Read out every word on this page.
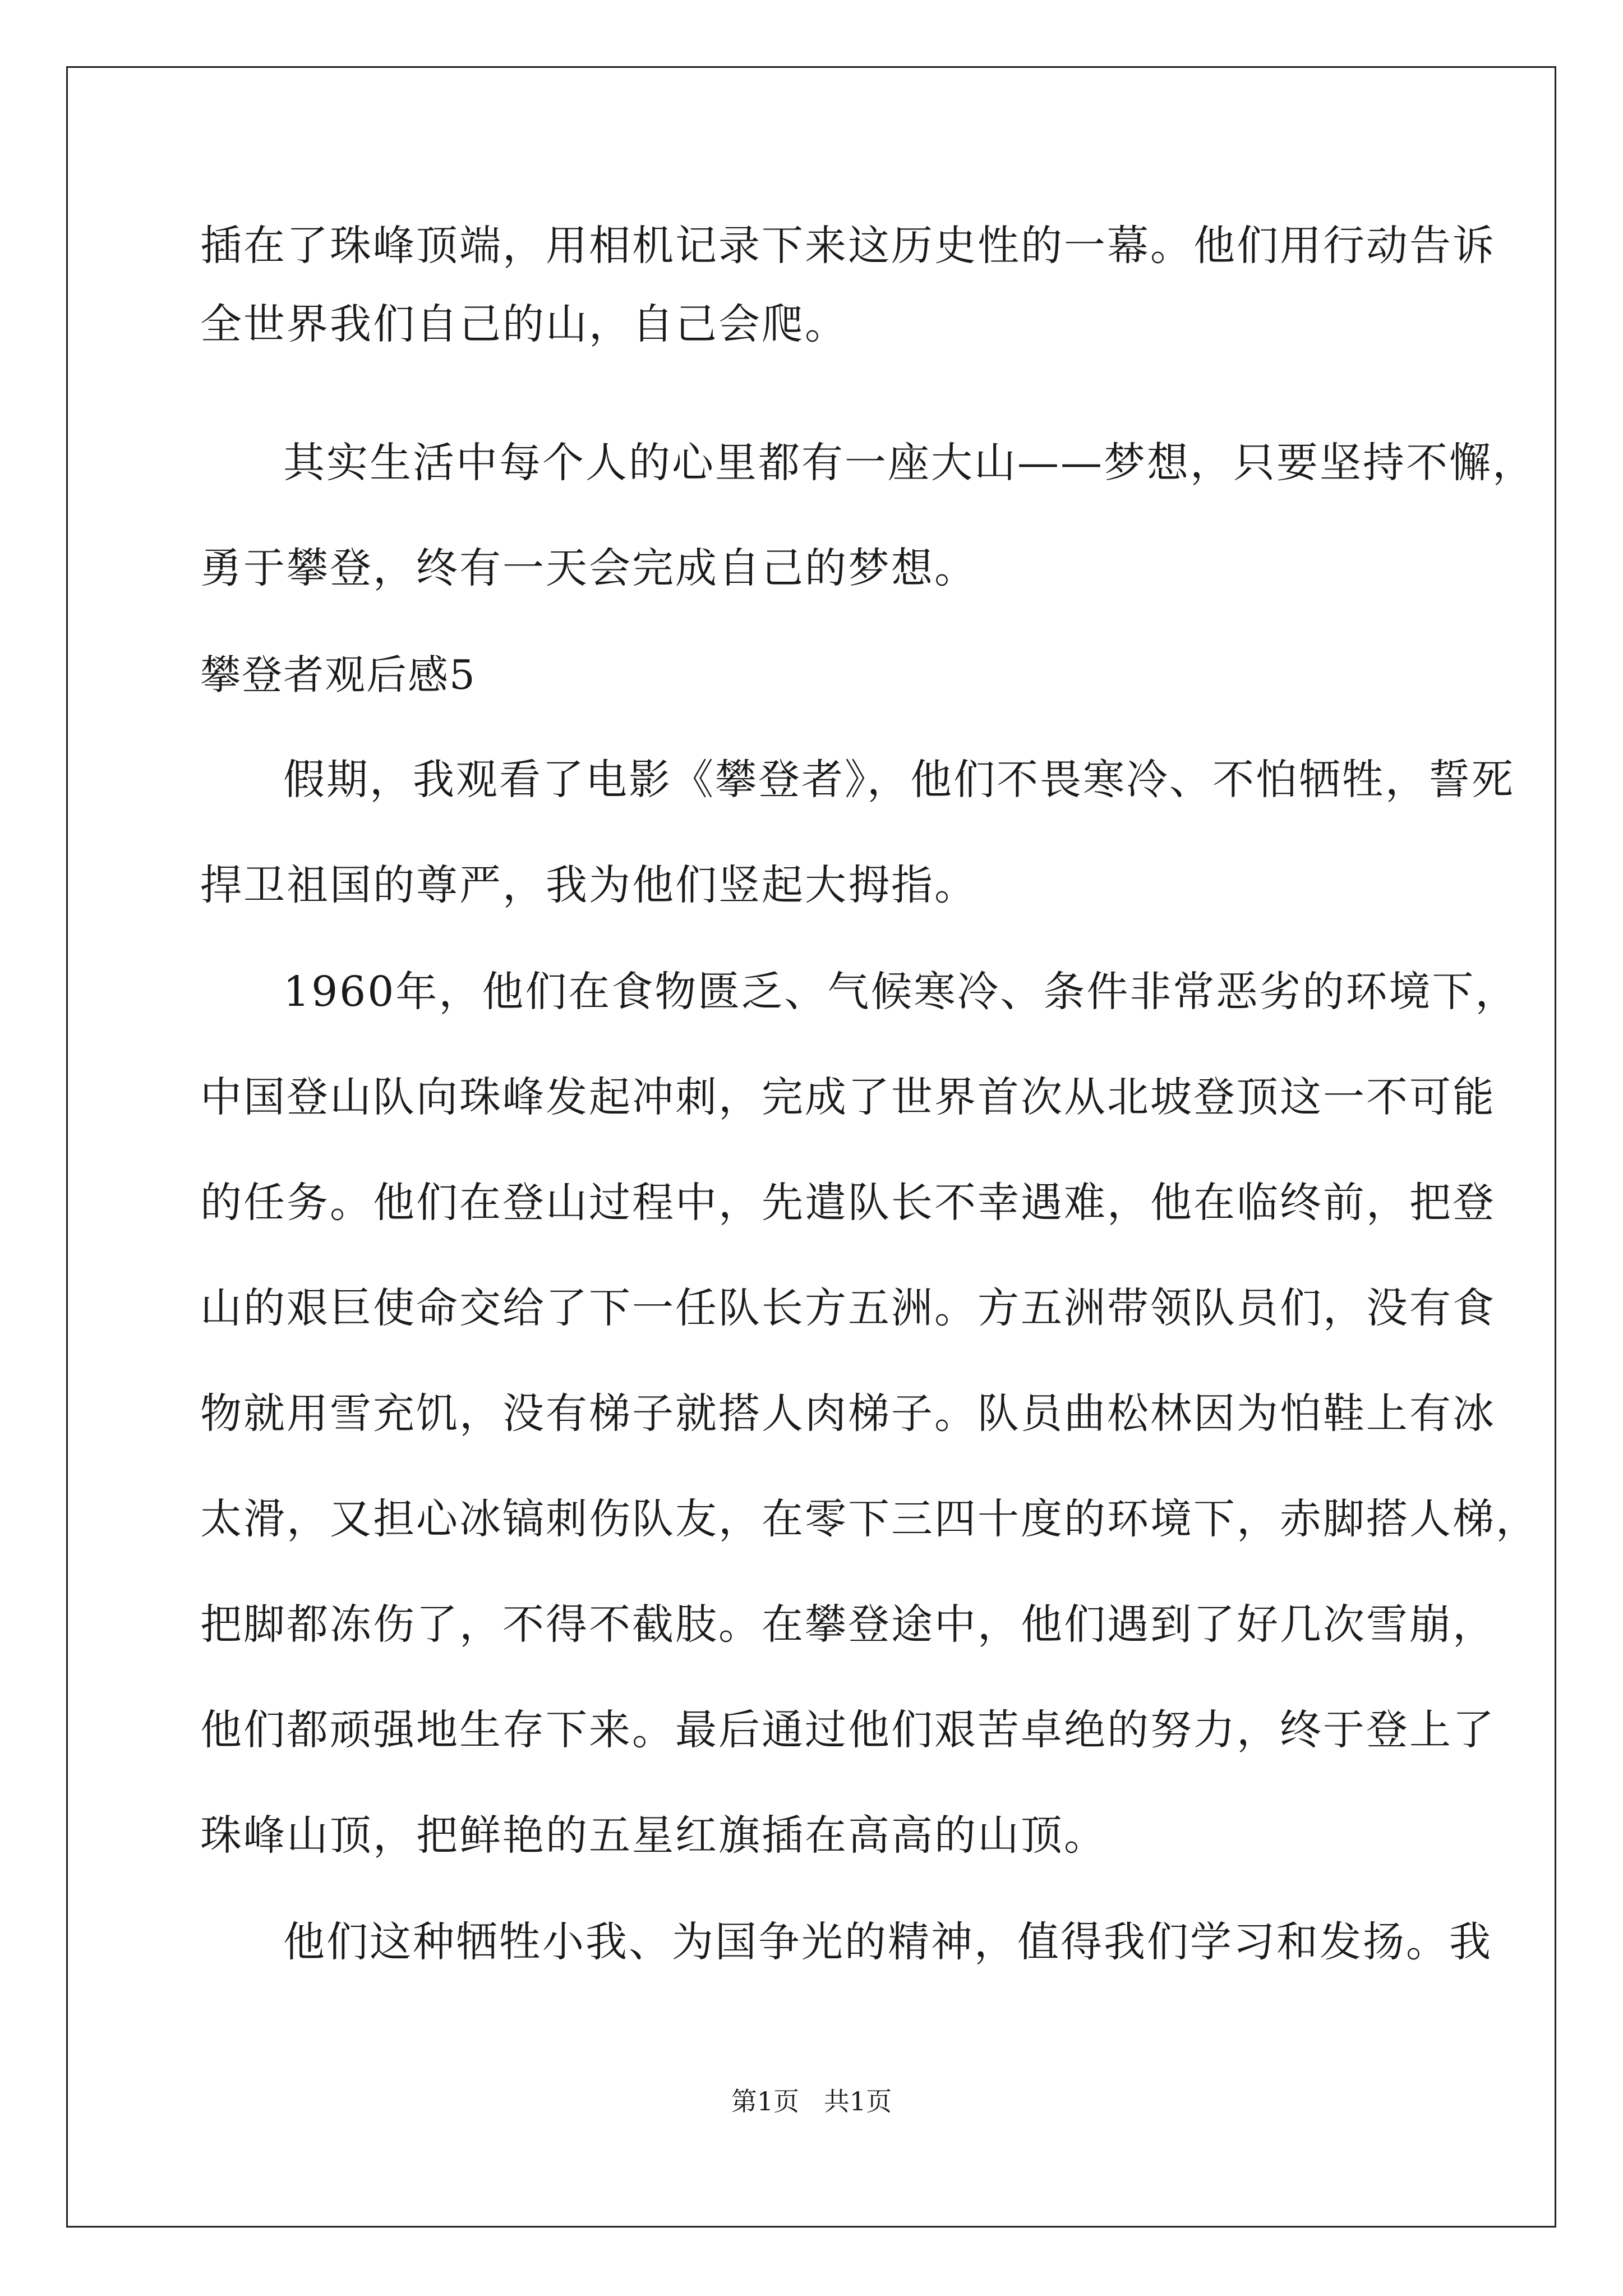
插在了珠峰顶端，用相机记录下来这历史性的一幕。他们用行动告诉
全世界我们自己的山，自己会爬。
其实生活中每个人的心里都有一座大山——梦想，只要坚持不懈，
勇于攀登，终有一天会完成自己的梦想。
攀登者观后感5
假期，我观看了电影《攀登者》，他们不畏寒冷、不怕牺牲，誓死
捍卫祖国的尊严，我为他们竖起大拇指。
1960年，他们在食物匮乏、气候寒冷、条件非常恶劣的环境下，
中国登山队向珠峰发起冲刺，完成了世界首次从北坡登顶这一不可能
的任务。他们在登山过程中，先遣队长不幸遇难，他在临终前，把登
山的艰巨使命交给了下一任队长方五洲。方五洲带领队员们，没有食
物就用雪充饥，没有梯子就搭人肉梯子。队员曲松林因为怕鞋上有冰
太滑，又担心冰镐刺伤队友，在零下三四十度的环境下，赤脚搭人梯，
把脚都冻伤了，不得不截肢。在攀登途中，他们遇到了好几次雪崩，
他们都顽强地生存下来。最后通过他们艰苦卓绝的努力，终于登上了
珠峰山顶，把鲜艳的五星红旗插在高高的山顶。
他们这种牺牲小我、为国争光的精神，值得我们学习和发扬。我
第1页   共1页
